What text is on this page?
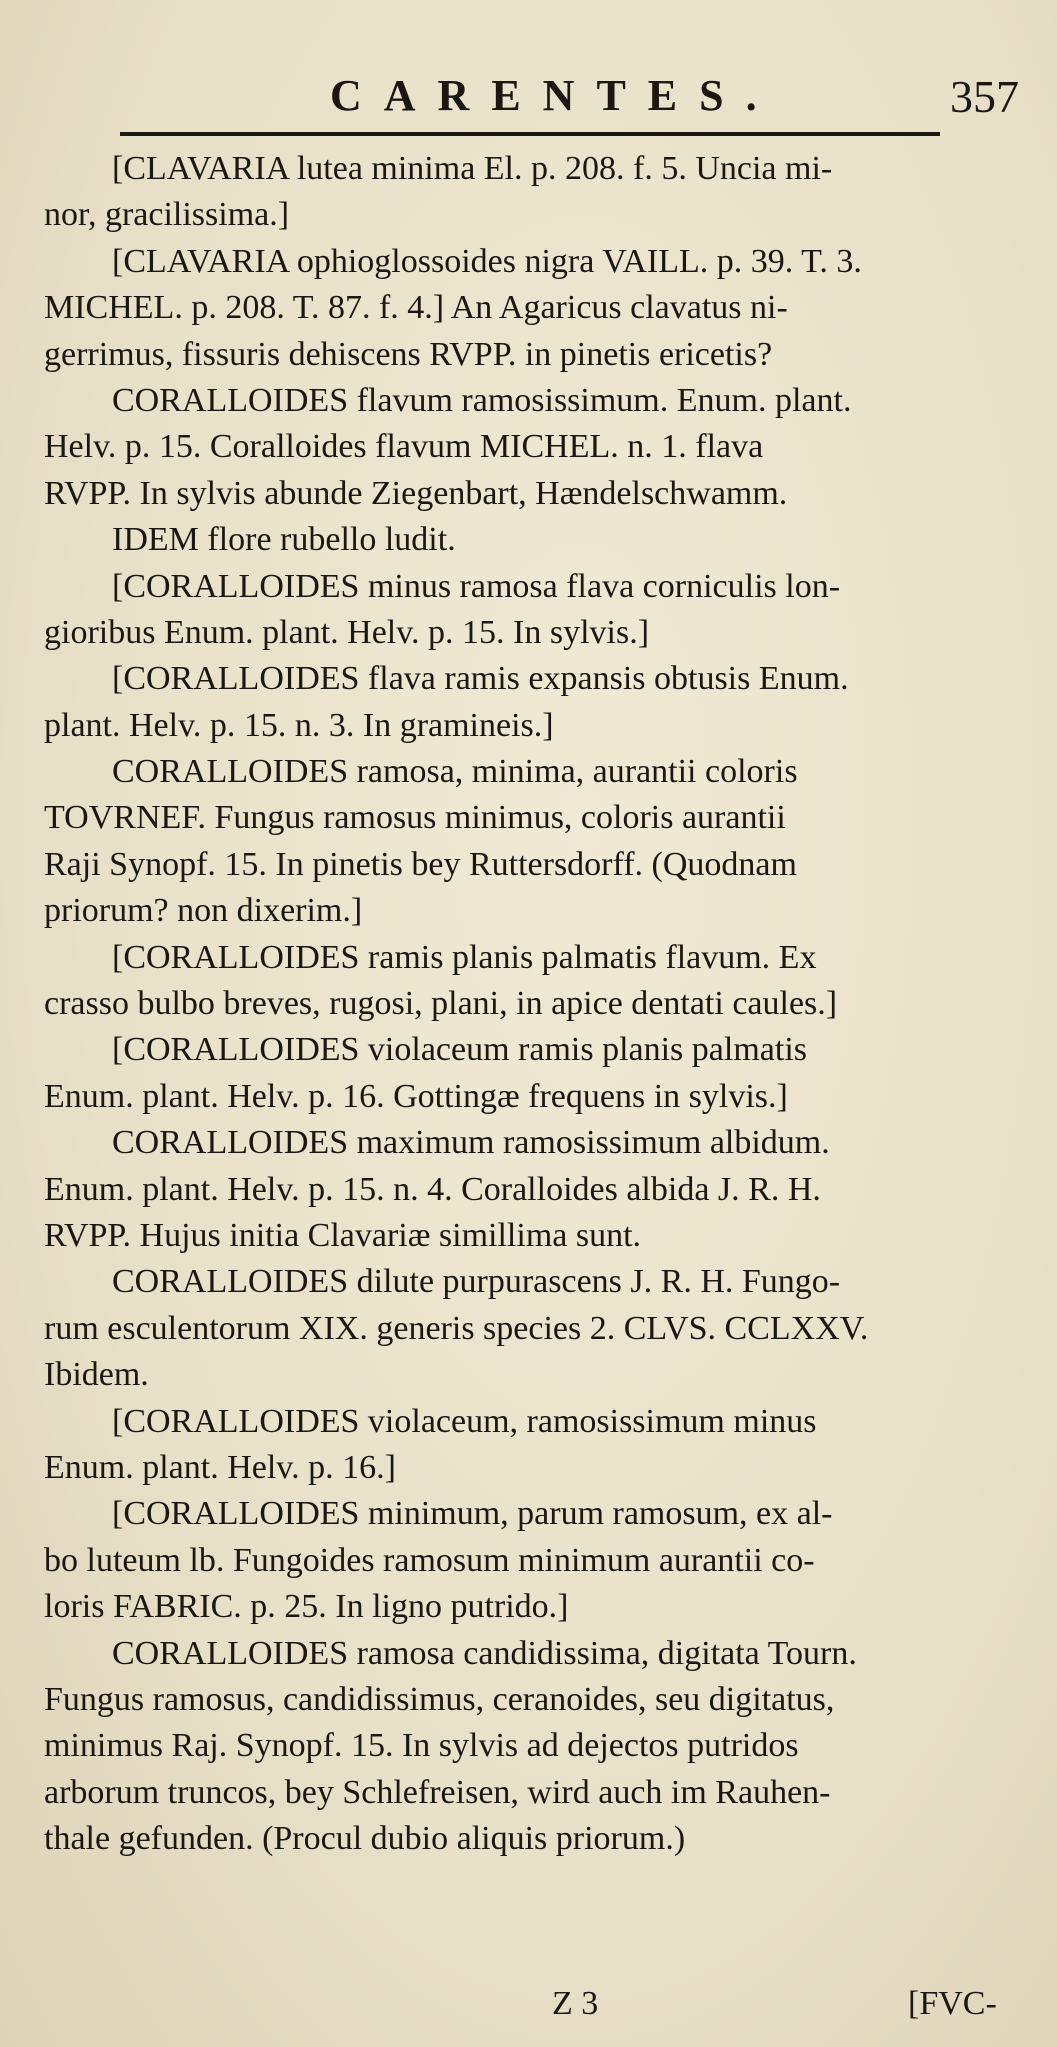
CARENTES.	357
[CLAVARIA lutea minima El. p. 208. f. 5. Uncia mi-
nor, gracilissima.]
[CLAVARIA ophioglossoides nigra VAILL. p. 39. T. 3.
MICHEL. p. 208. T. 87. f. 4.] An Agaricus clavatus ni-
gerrimus, fissuris dehiscens RVPP. in pinetis ericetis?
CORALLOIDES flavum ramosissimum. Enum. plant.
Helv. p. 15. Coralloides flavum MICHEL. n. 1. flava
RVPP. In sylvis abunde Ziegenbart, Hændelschwamm.
IDEM flore rubello ludit.
[CORALLOIDES minus ramosa flava corniculis lon-
gioribus Enum. plant. Helv. p. 15. In sylvis.]
[CORALLOIDES flava ramis expansis obtusis Enum.
plant. Helv. p. 15. n. 3. In gramineis.]
CORALLOIDES ramosa, minima, aurantii coloris
TOVRNEF. Fungus ramosus minimus, coloris aurantii
Raji Synopf. 15. In pinetis bey Ruttersdorff. (Quodnam
priorum? non dixerim.]
[CORALLOIDES ramis planis palmatis flavum. Ex
crasso bulbo breves, rugosi, plani, in apice dentati caules.]
[CORALLOIDES violaceum ramis planis palmatis
Enum. plant. Helv. p. 16. Gottingæ frequens in sylvis.]
CORALLOIDES maximum ramosissimum albidum.
Enum. plant. Helv. p. 15. n. 4. Coralloides albida J. R. H.
RVPP. Hujus initia Clavariæ simillima sunt.
CORALLOIDES dilute purpurascens J. R. H. Fungo-
rum esculentorum XIX. generis species 2. CLVS. CCLXXV.
Ibidem.
[CORALLOIDES violaceum, ramosissimum minus
Enum. plant. Helv. p. 16.]
[CORALLOIDES minimum, parum ramosum, ex al-
bo luteum lb. Fungoides ramosum minimum aurantii co-
loris FABRIC. p. 25. In ligno putrido.]
CORALLOIDES ramosa candidissima, digitata Tourn.
Fungus ramosus, candidissimus, ceranoides, seu digitatus,
minimus Raj. Synopf. 15. In sylvis ad dejectos putridos
arborum truncos, bey Schlefreisen, wird auch im Rauhen-
thale gefunden. (Procul dubio aliquis priorum.)
Z 3	[FVC-
